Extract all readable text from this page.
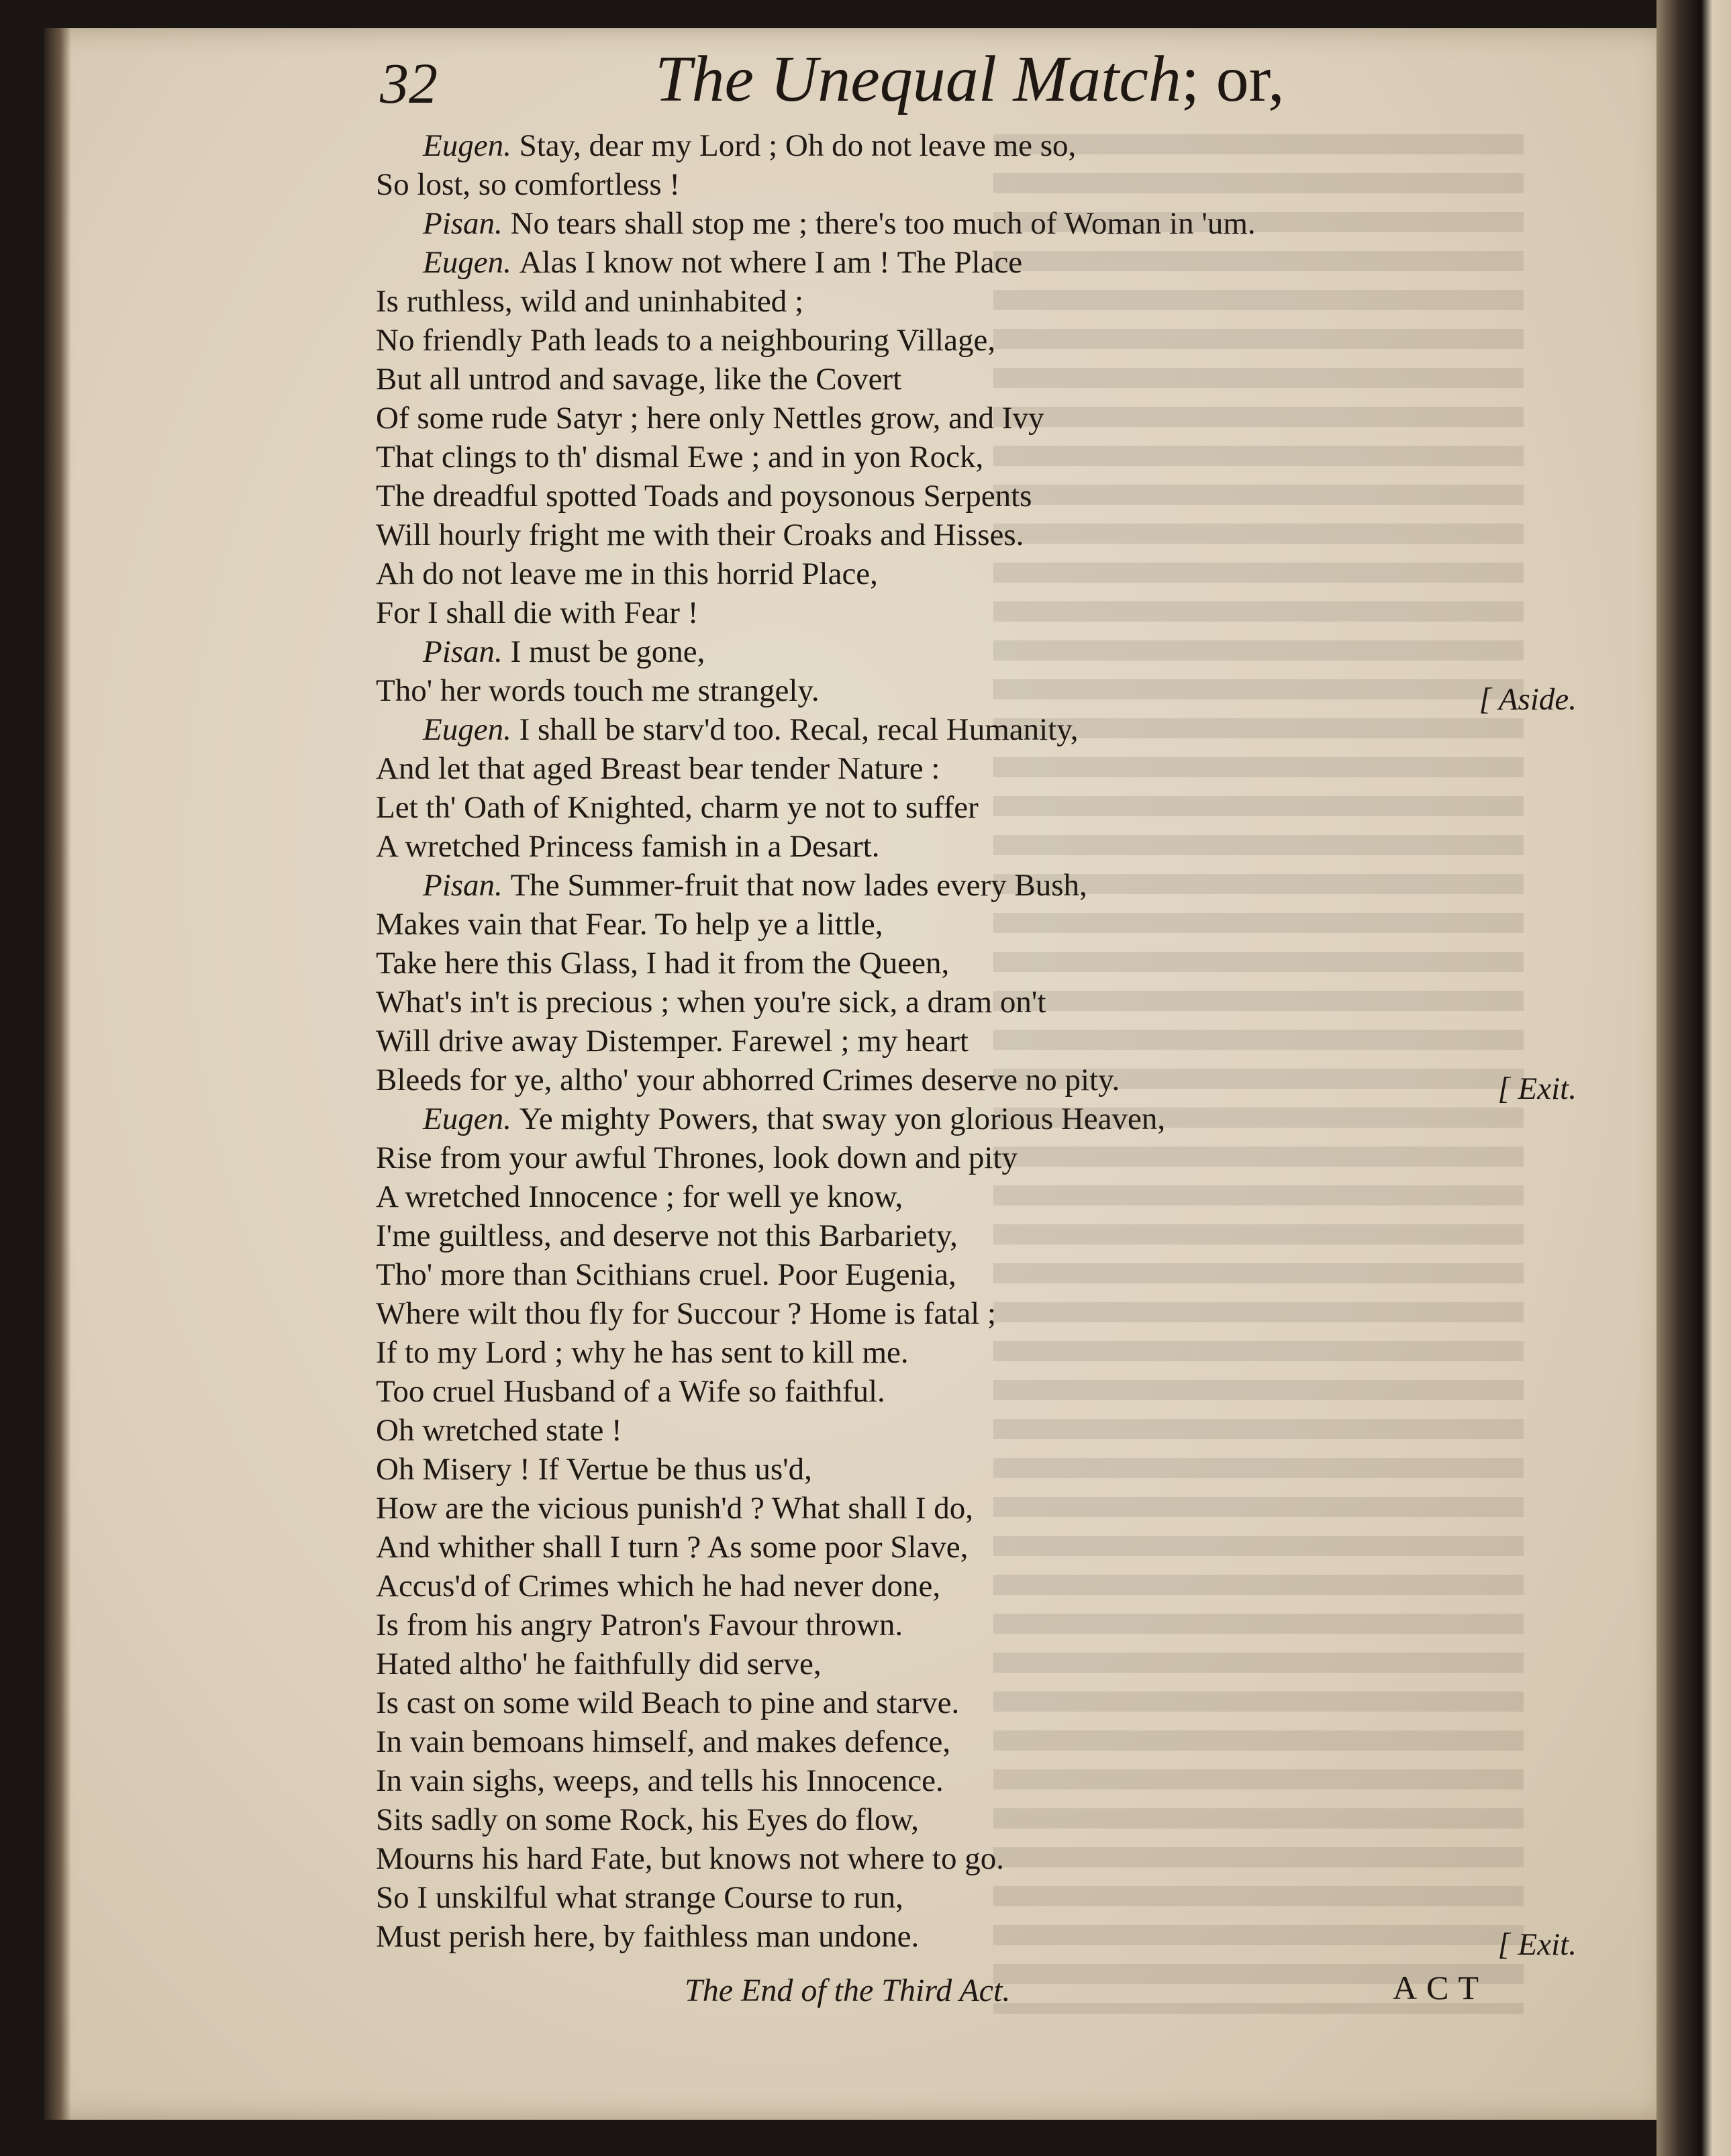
32	The Unequal Match; or,
Eugen. Stay, dear my Lord ; Oh do not leave me so,
So lost, so comfortless !
Pisan. No tears shall stop me ; there's too much of Woman in 'um.
Eugen. Alas I know not where I am ! The Place
Is ruthless, wild and uninhabited ;
No friendly Path leads to a neighbouring Village,
But all untrod and savage, like the Covert
Of some rude Satyr ; here only Nettles grow, and Ivy
That clings to th' dismal Ewe ; and in yon Rock,
The dreadful spotted Toads and poysonous Serpents
Will hourly fright me with their Croaks and Hisses.
Ah do not leave me in this horrid Place,
For I shall die with Fear !
Pisan. I must be gone,
Tho' her words touch me strangely.
Eugen. I shall be starv'd too. Recal, recal Humanity,
And let that aged Breast bear tender Nature :
Let th' Oath of Knighted, charm ye not to suffer
A wretched Princess famish in a Desart.
Pisan. The Summer-fruit that now lades every Bush,
Makes vain that Fear. To help ye a little,
Take here this Glass, I had it from the Queen,
What's in't is precious ; when you're sick, a dram on't
Will drive away Distemper. Farewel ; my heart
Bleeds for ye, altho' your abhorred Crimes deserve no pity.
Eugen. Ye mighty Powers, that sway yon glorious Heaven,
Rise from your awful Thrones, look down and pity
A wretched Innocence ; for well ye know,
I'me guiltless, and deserve not this Barbariety,
Tho' more than Scithians cruel. Poor Eugenia,
Where wilt thou fly for Succour ? Home is fatal ;
If to my Lord ; why he has sent to kill me.
Too cruel Husband of a Wife so faithful.
Oh wretched state !
Oh Misery ! If Vertue be thus us'd,
How are the vicious punish'd ? What shall I do,
And whither shall I turn ? As some poor Slave,
Accus'd of Crimes which he had never done,
Is from his angry Patron's Favour thrown.
Hated altho' he faithfully did serve,
Is cast on some wild Beach to pine and starve.
In vain bemoans himself, and makes defence,
In vain sighs, weeps, and tells his Innocence.
Sits sadly on some Rock, his Eyes do flow,
Mourns his hard Fate, but knows not where to go.
So I unskilful what strange Course to run,
Must perish here, by faithless man undone.
[ Aside.
[ Exit.
[ Exit.
The End of the Third Act.	ACT
